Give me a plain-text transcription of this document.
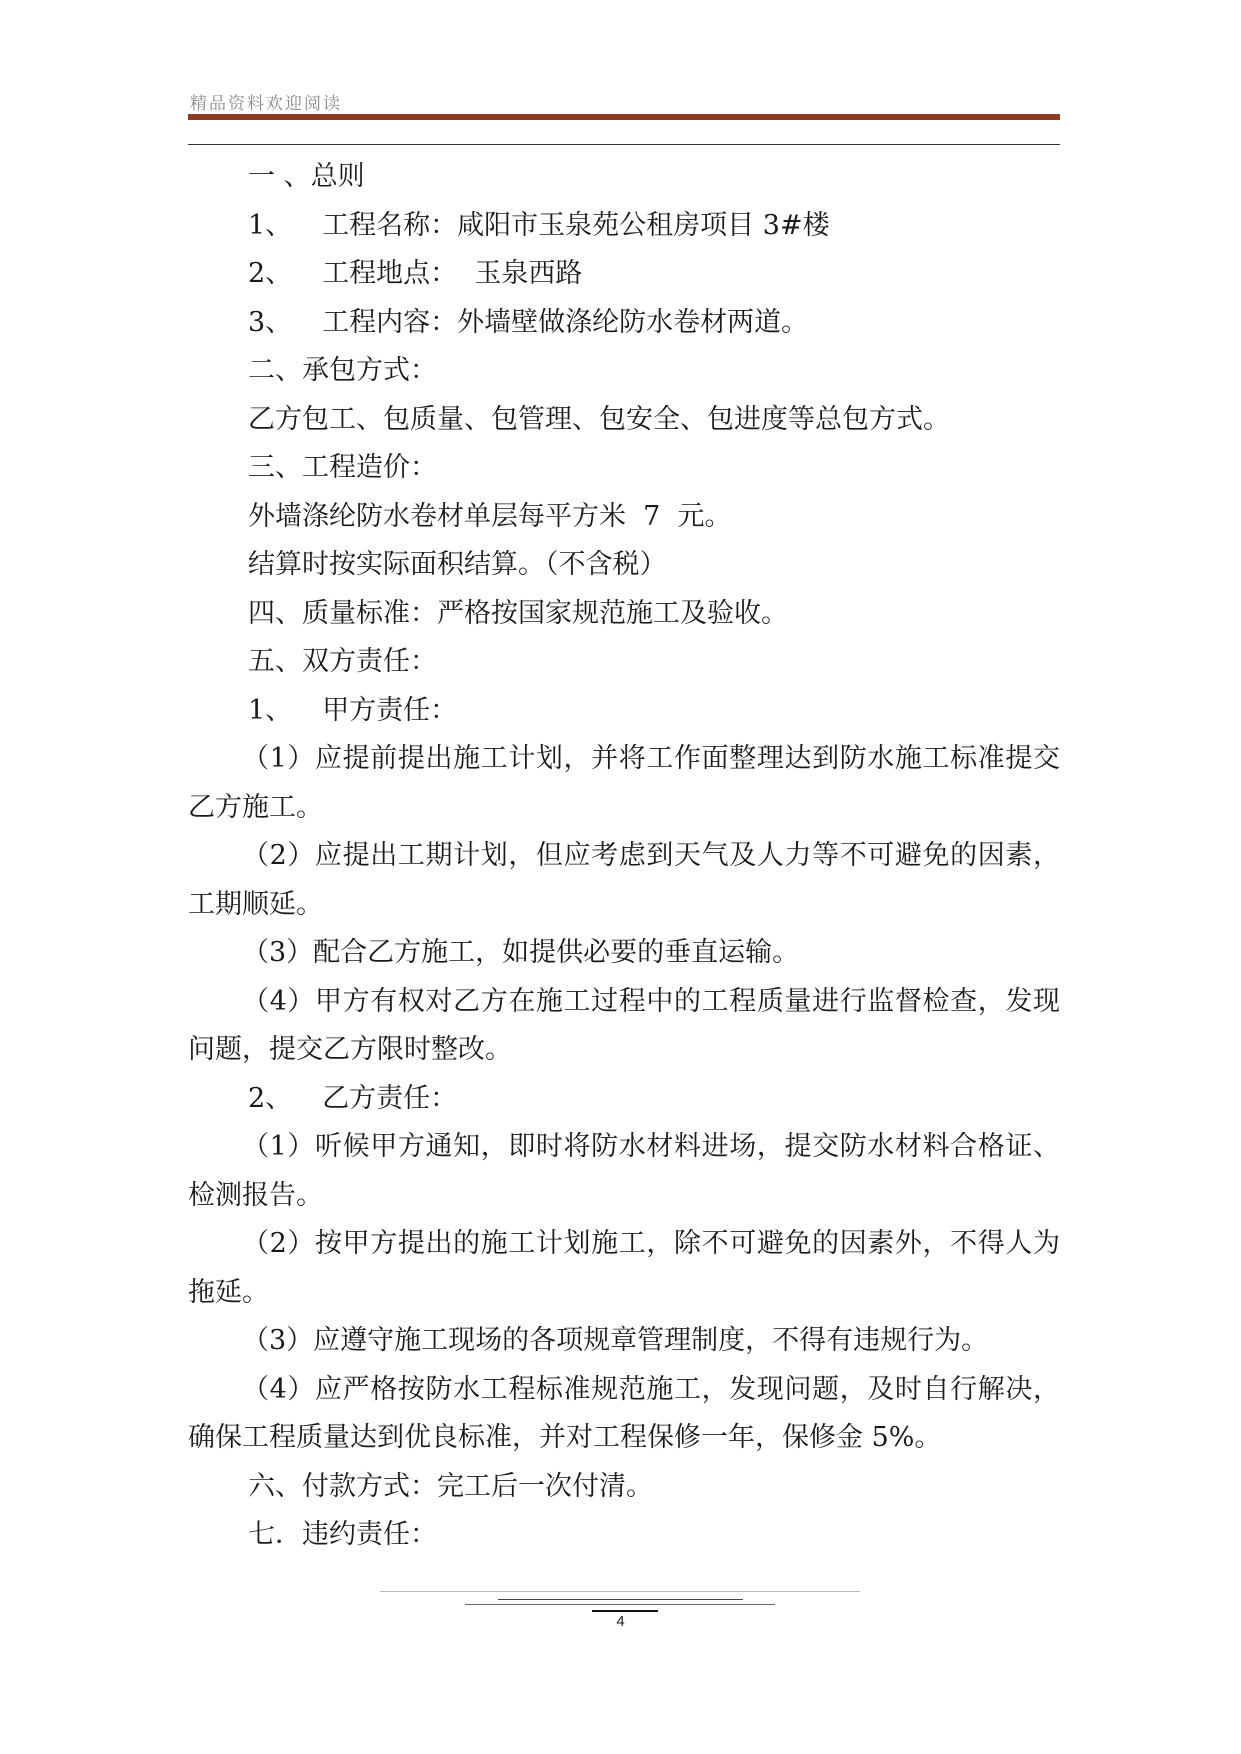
精品资料欢迎阅读

一 、总则

1、 工程名称：咸阳市玉泉苑公租房项目 3#楼

2、 工程地点：  玉泉西路

3、 工程内容：外墙壁做涤纶防水卷材两道。

二、承包方式：

乙方包工、包质量、包管理、包安全、包进度等总包方式。

三、工程造价：

外墙涤纶防水卷材单层每平方米  7  元。

结算时按实际面积结算。（不含税）

四、质量标准：严格按国家规范施工及验收。

五、双方责任：

1、 甲方责任：

（1）应提前提出施工计划，并将工作面整理达到防水施工标准提交乙方施工。

（2）应提出工期计划，但应考虑到天气及人力等不可避免的因素，工期顺延。

（3）配合乙方施工，如提供必要的垂直运输。

（4）甲方有权对乙方在施工过程中的工程质量进行监督检查，发现问题，提交乙方限时整改。

2、 乙方责任：

（1）听候甲方通知，即时将防水材料进场，提交防水材料合格证、检测报告。

（2）按甲方提出的施工计划施工，除不可避免的因素外，不得人为拖延。

（3）应遵守施工现场的各项规章管理制度，不得有违规行为。

（4）应严格按防水工程标准规范施工，发现问题，及时自行解决，确保工程质量达到优良标准，并对工程保修一年，保修金 5%。

六、付款方式：完工后一次付清。

七．违约责任：

4
